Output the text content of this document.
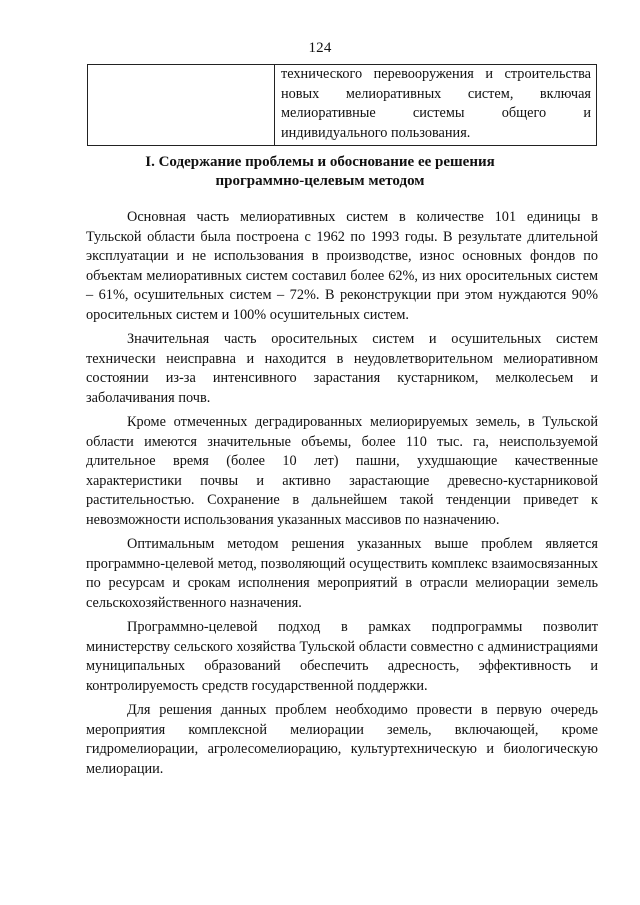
124
	технического перевооружения и строительства новых мелиоративных систем, включая мелиоративные системы общего и индивидуального пользования.
I. Содержание проблемы и обоснование ее решения
программно-целевым методом

Основная часть мелиоративных систем в количестве 101 единицы в Тульской области была построена с 1962 по 1993 годы. В результате длительной эксплуатации и не использования в производстве, износ основных фондов по объектам мелиоративных систем составил более 62%, из них оросительных систем – 61%, осушительных систем – 72%. В реконструкции при этом нуждаются 90% оросительных систем и 100% осушительных систем.

Значительная часть оросительных систем и осушительных систем технически неисправна и находится в неудовлетворительном мелиоративном состоянии из-за интенсивного зарастания кустарником, мелколесьем и заболачивания почв.

Кроме отмеченных деградированных мелиорируемых земель, в Тульской области имеются значительные объемы, более 110 тыс. га, неиспользуемой длительное время (более 10 лет) пашни, ухудшающие качественные характеристики почвы и активно зарастающие древесно-кустарниковой растительностью. Сохранение в дальнейшем такой тенденции приведет к невозможности использования указанных массивов по назначению.

Оптимальным методом решения указанных выше проблем является программно-целевой метод, позволяющий осуществить комплекс взаимосвязанных по ресурсам и срокам исполнения мероприятий в отрасли мелиорации земель сельскохозяйственного назначения.

Программно-целевой подход в рамках подпрограммы позволит министерству сельского хозяйства Тульской области совместно с администрациями муниципальных образований обеспечить адресность, эффективность и контролируемость средств государственной поддержки.

Для решения данных проблем необходимо провести в первую очередь мероприятия комплексной мелиорации земель, включающей, кроме гидромелиорации, агролесомелиорацию, культуртехническую и биологическую мелиорации.
